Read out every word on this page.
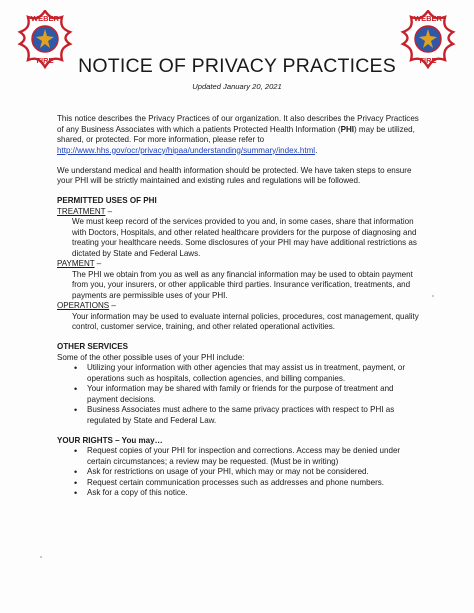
WEBER
FIRE
WEBER
FIRE
NOTICE OF PRIVACY PRACTICES
Updated January 20, 2021

This notice describes the Privacy Practices of our organization. It also describes the Privacy Practices of any Business Associates with which a patients Protected Health Information (PHI) may be utilized, shared, or protected. For more information, please refer to http://www.hhs.gov/ocr/privacy/hipaa/understanding/summary/index.html.

We understand medical and health information should be protected. We have taken steps to ensure your PHI will be strictly maintained and existing rules and regulations will be followed.

PERMITTED USES OF PHI

TREATMENT –

We must keep record of the services provided to you and, in some cases, share that information with Doctors, Hospitals, and other related healthcare providers for the purpose of diagnosing and treating your healthcare needs. Some disclosures of your PHI may have additional restrictions as dictated by State and Federal Laws.

PAYMENT –

The PHI we obtain from you as well as any financial information may be used to obtain payment from you, your insurers, or other applicable third parties. Insurance verification, treatments, and payments are permissible uses of your PHI.

OPERATIONS –

Your information may be used to evaluate internal policies, procedures, cost management, quality control, customer service, training, and other related operational activities.

OTHER SERVICES

Some of the other possible uses of your PHI include:

• Utilizing your information with other agencies that may assist us in treatment, payment, or operations such as hospitals, collection agencies, and billing companies.
• Your information may be shared with family or friends for the purpose of treatment and payment decisions.
• Business Associates must adhere to the same privacy practices with respect to PHI as regulated by State and Federal Law.

YOUR RIGHTS – You may…

• Request copies of your PHI for inspection and corrections. Access may be denied under certain circumstances; a review may be requested. (Must be in writing)
• Ask for restrictions on usage of your PHI, which may or may not be considered.
• Request certain communication processes such as addresses and phone numbers.
• Ask for a copy of this notice.
